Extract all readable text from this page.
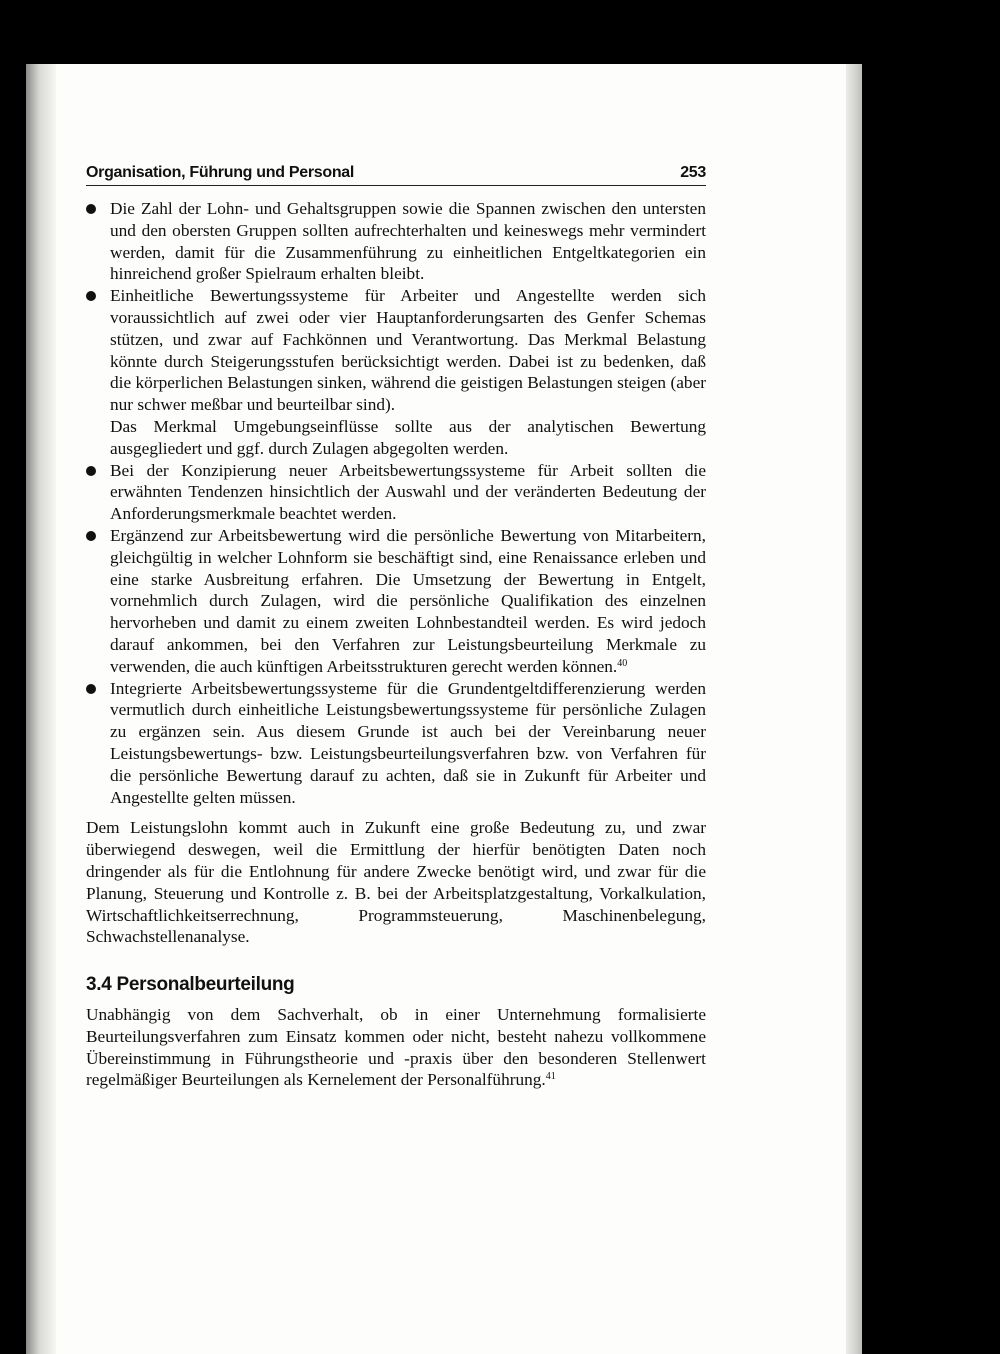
Organisation, Führung und Personal	253
Die Zahl der Lohn- und Gehaltsgruppen sowie die Spannen zwischen den untersten und den obersten Gruppen sollten aufrechterhalten und keineswegs mehr vermindert werden, damit für die Zusammenführung zu einheitlichen Entgeltkategorien ein hinreichend großer Spielraum erhalten bleibt.
Einheitliche Bewertungssysteme für Arbeiter und Angestellte werden sich voraussichtlich auf zwei oder vier Hauptanforderungsarten des Genfer Schemas stützen, und zwar auf Fachkönnen und Verantwortung. Das Merkmal Belastung könnte durch Steigerungsstufen berücksichtigt werden. Dabei ist zu bedenken, daß die körperlichen Belastungen sinken, während die geistigen Belastungen steigen (aber nur schwer meßbar und beurteilbar sind).
Das Merkmal Umgebungseinflüsse sollte aus der analytischen Bewertung ausgegliedert und ggf. durch Zulagen abgegolten werden.
Bei der Konzipierung neuer Arbeitsbewertungssysteme für Arbeit sollten die erwähnten Tendenzen hinsichtlich der Auswahl und der veränderten Bedeutung der Anforderungsmerkmale beachtet werden.
Ergänzend zur Arbeitsbewertung wird die persönliche Bewertung von Mitarbeitern, gleichgültig in welcher Lohnform sie beschäftigt sind, eine Renaissance erleben und eine starke Ausbreitung erfahren. Die Umsetzung der Bewertung in Entgelt, vornehmlich durch Zulagen, wird die persönliche Qualifikation des einzelnen hervorheben und damit zu einem zweiten Lohnbestandteil werden. Es wird jedoch darauf ankommen, bei den Verfahren zur Leistungsbeurteilung Merkmale zu verwenden, die auch künftigen Arbeitsstrukturen gerecht werden können.$^{40}$
Integrierte Arbeitsbewertungssysteme für die Grundentgeltdifferenzierung werden vermutlich durch einheitliche Leistungsbewertungssysteme für persönliche Zulagen zu ergänzen sein. Aus diesem Grunde ist auch bei der Vereinbarung neuer Leistungsbewertungs- bzw. Leistungsbeurteilungsverfahren bzw. von Verfahren für die persönliche Bewertung darauf zu achten, daß sie in Zukunft für Arbeiter und Angestellte gelten müssen.

Dem Leistungslohn kommt auch in Zukunft eine große Bedeutung zu, und zwar überwiegend deswegen, weil die Ermittlung der hierfür benötigten Daten noch dringender als für die Entlohnung für andere Zwecke benötigt wird, und zwar für die Planung, Steuerung und Kontrolle z. B. bei der Arbeitsplatzgestaltung, Vorkalkulation, Wirtschaftlichkeitserrechnung, Programmsteuerung, Maschinenbelegung, Schwachstellenanalyse.

3.4 Personalbeurteilung

Unabhängig von dem Sachverhalt, ob in einer Unternehmung formalisierte Beurteilungsverfahren zum Einsatz kommen oder nicht, besteht nahezu vollkommene Übereinstimmung in Führungstheorie und -praxis über den besonderen Stellenwert regelmäßiger Beurteilungen als Kernelement der Personalführung.$^{41}$
